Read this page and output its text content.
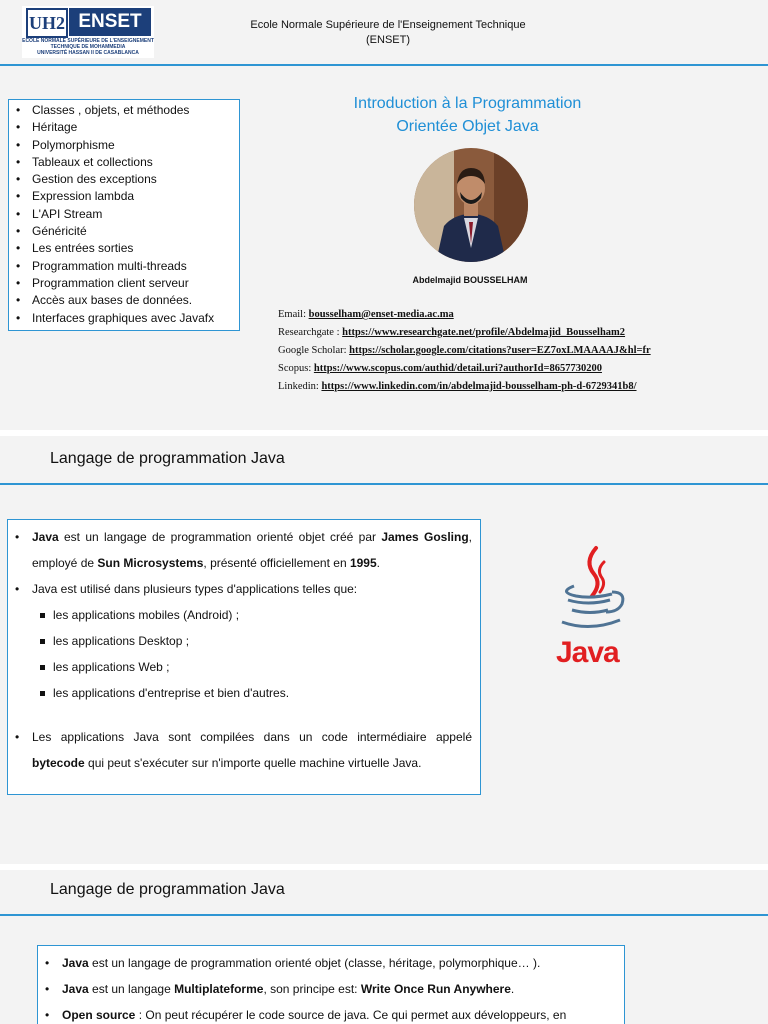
UH2 ENSET
ECOLE NORMALE SUPÉRIEURE DE L'ENSEIGNEMENT
TECHNIQUE DE MOHAMMEDIA
UNIVERSITÉ HASSAN II DE CASABLANCA
Ecole Normale Supérieure de l'Enseignement Technique
(ENSET)
• Classes , objets, et méthodes
• Héritage
• Polymorphisme
• Tableaux et collections
• Gestion des exceptions
• Expression lambda
• L'API Stream
• Généricité
• Les entrées sorties
• Programmation multi-threads
• Programmation client serveur
• Accès aux bases de données.
• Interfaces graphiques avec Javafx
Introduction à la Programmation
Orientée Objet Java
Abdelmajid BOUSSELHAM
Email: bousselham@enset-media.ac.ma
Researchgate : https://www.researchgate.net/profile/Abdelmajid_Bousselham2
Google Scholar: https://scholar.google.com/citations?user=EZ7oxLMAAAAJ&hl=fr
Scopus: https://www.scopus.com/authid/detail.uri?authorId=8657730200
Linkedin: https://www.linkedin.com/in/abdelmajid-bousselham-ph-d-6729341b8/
Langage de programmation Java
• Java est un langage de programmation orienté objet créé par James Gosling, employé de Sun Microsystems, présenté officiellement en 1995.
• Java est utilisé dans plusieurs types d'applications telles que:
les applications mobiles (Android) ;
les applications Desktop ;
les applications Web ;
les applications d'entreprise et bien d'autres.
• Les applications Java sont compilées dans un code intermédiaire appelé bytecode qui peut s'exécuter sur n'importe quelle machine virtuelle Java.
Java
Langage de programmation Java
• Java est un langage de programmation orienté objet (classe, héritage, polymorphique… ).
• Java est un langage Multiplateforme, son principe est: Write Once Run Anywhere.
• Open source : On peut récupérer le code source de java. Ce qui permet aux développeurs, en
